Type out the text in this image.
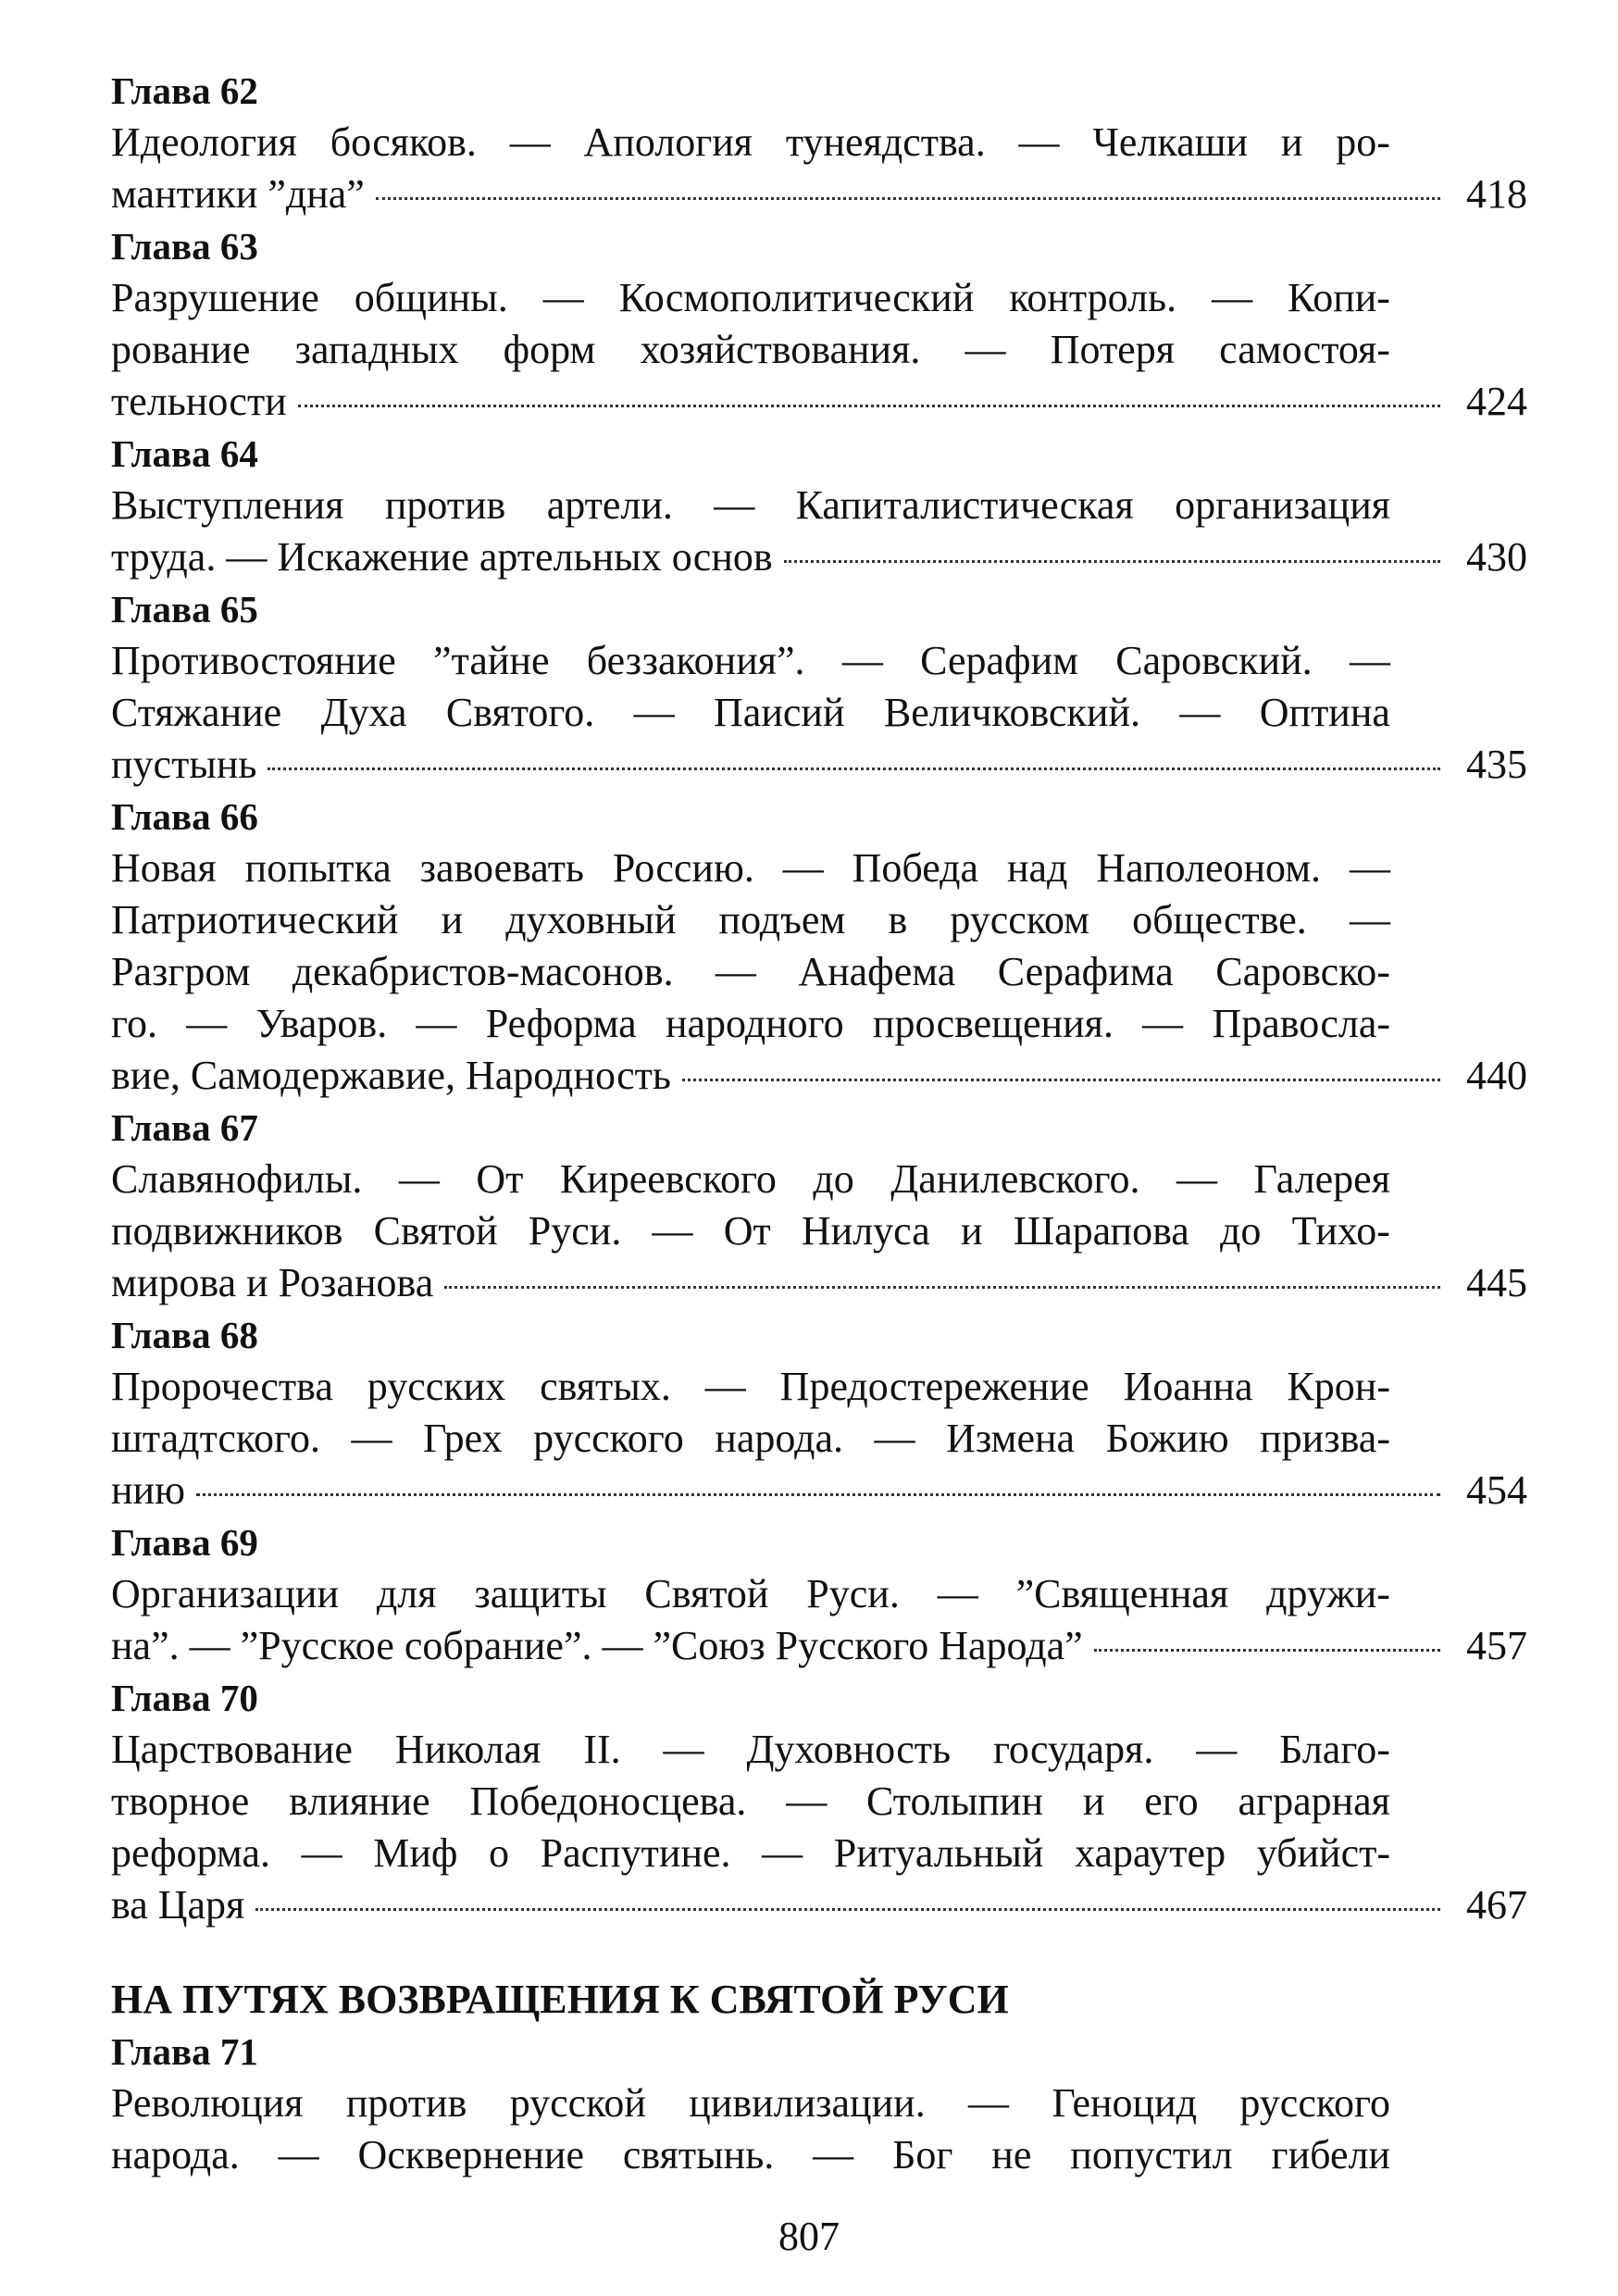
Глава 62
Идеология босяков. — Апология тунеядства. — Челкаши и ро-
мантики ”дна”	418
Глава 63
Разрушение общины. — Космополитический контроль. — Копи-
рование западных форм хозяйствования. — Потеря самостоя-
тельности	424
Глава 64
Выступления против артели. — Капиталистическая организация
труда. — Искажение артельных основ	430
Глава 65
Противостояние ”тайне беззакония”. — Серафим Саровский. —
Стяжание Духа Святого. — Паисий Величковский. — Оптина
пустынь	435
Глава 66
Новая попытка завоевать Россию. — Победа над Наполеоном. —
Патриотический и духовный подъем в русском обществе. —
Разгром декабристов-масонов. — Анафема Серафима Саровско-
го. — Уваров. — Реформа народного просвещения. — Правосла-
вие, Самодержавие, Народность	440
Глава 67
Славянофилы. — От Киреевского до Данилевского. — Галерея
подвижников Святой Руси. — От Нилуса и Шарапова до Тихо-
мирова и Розанова	445
Глава 68
Пророчества русских святых. — Предостережение Иоанна Крон-
штадтского. — Грех русского народа. — Измена Божию призва-
нию	454
Глава 69
Организации для защиты Святой Руси. — ”Священная дружи-
на”. — ”Русское собрание”. — ”Союз Русского Народа”	457
Глава 70
Царствование Николая II. — Духовность государя. — Благо-
творное влияние Победоносцева. — Столыпин и его аграрная
реформа. — Миф о Распутине. — Ритуальный хараутер убийст-
ва Царя	467
НА ПУТЯХ ВОЗВРАЩЕНИЯ К СВЯТОЙ РУСИ
Глава 71
Революция против русской цивилизации. — Геноцид русского
народа. — Осквернение святынь. — Бог не попустил гибели
807
